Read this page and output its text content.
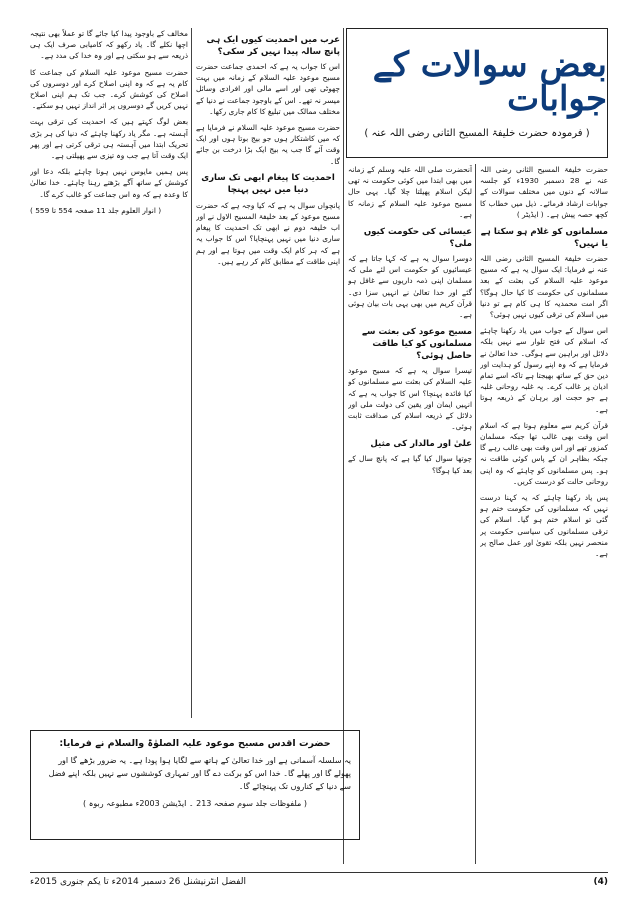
بعض سوالات کے جوابات
( فرمودہ حضرت خلیفۃ المسیح الثانی رضی اللہ عنہ )

حضرت خلیفۃ المسیح الثانی رضی اللہ عنہ نے 28 دسمبر 1930ء کو جلسہ سالانہ کے دنوں میں مختلف سوالات کے جوابات ارشاد فرمائے۔ ذیل میں خطاب کا کچھ حصہ پیش ہے۔ ( ایڈیٹر )

مسلمانوں کو غلام ہو سکتا ہے یا نہیں؟

حضرت خلیفۃ المسیح الثانی رضی اللہ عنہ نے فرمایا: ایک سوال یہ ہے کہ مسیح موعود علیہ السلام کی بعثت کے بعد مسلمانوں کی حکومت کا کیا حال ہوگا؟ اگر امت محمدیہ کا ہی کام ہے تو دنیا میں اسلام کی ترقی کیوں نہیں ہوئی؟

اس سوال کے جواب میں یاد رکھنا چاہئے کہ اسلام کی فتح تلوار سے نہیں بلکہ دلائل اور براہین سے ہوگی۔ خدا تعالیٰ نے فرمایا ہے کہ وہ اپنے رسول کو ہدایت اور دین حق کے ساتھ بھیجتا ہے تاکہ اسے تمام ادیان پر غالب کرے۔ یہ غلبہ روحانی غلبہ ہے جو حجت اور برہان کے ذریعہ ہوتا ہے۔

قرآن کریم سے معلوم ہوتا ہے کہ اسلام اس وقت بھی غالب تھا جبکہ مسلمان کمزور تھے اور اس وقت بھی غالب رہے گا جبکہ بظاہر ان کے پاس کوئی طاقت نہ ہو۔ پس مسلمانوں کو چاہئے کہ وہ اپنی روحانی حالت کو درست کریں۔

پس یاد رکھنا چاہئے کہ یہ کہنا درست نہیں کہ مسلمانوں کی حکومت ختم ہو گئی تو اسلام ختم ہو گیا۔ اسلام کی ترقی مسلمانوں کی سیاسی حکومت پر منحصر نہیں بلکہ تقویٰ اور عمل صالح پر ہے۔

آنحضرت صلی اللہ علیہ وسلم کے زمانہ میں بھی ابتدا میں کوئی حکومت نہ تھی لیکن اسلام پھیلتا چلا گیا۔ یہی حال مسیح موعود علیہ السلام کے زمانہ کا ہے۔

عیسائی کی حکومت کیوں ملی؟

دوسرا سوال یہ ہے کہ کہا جاتا ہے کہ عیسائیوں کو حکومت اس لئے ملی کہ مسلمان اپنی ذمہ داریوں سے غافل ہو گئے اور خدا تعالیٰ نے انہیں سزا دی۔ قرآن کریم میں بھی یہی بات بیان ہوئی ہے۔

مسیح موعود کی بعثت سے مسلمانوں کو کیا طاقت حاصل ہوئی؟

تیسرا سوال یہ ہے کہ مسیح موعود علیہ السلام کی بعثت سے مسلمانوں کو کیا فائدہ پہنچا؟ اس کا جواب یہ ہے کہ انہیں ایمان اور یقین کی دولت ملی اور دلائل کے ذریعہ اسلام کی صداقت ثابت ہوئی۔

علیٰ اور مالدار کی مثیل

چوتھا سوال کیا گیا ہے کہ پانچ سال کے بعد کیا ہوگا؟

عرب میں احمدیت کیوں ایک ہی پانچ سالہ پیدا نہیں کر سکی؟

اس کا جواب یہ ہے کہ احمدی جماعت حضرت مسیح موعود علیہ السلام کے زمانہ میں بہت چھوٹی تھی اور اسے مالی اور افرادی وسائل میسر نہ تھے۔ اس کے باوجود جماعت نے دنیا کے مختلف ممالک میں تبلیغ کا کام جاری رکھا۔

حضرت مسیح موعود علیہ السلام نے فرمایا ہے کہ میں کاشتکار ہوں جو بیج بوتا ہوں اور ایک وقت آئے گا جب یہ بیج ایک بڑا درخت بن جائے گا۔

احمدیت کا پیغام ابھی تک ساری دنیا میں نہیں پہنچا

پانچواں سوال یہ ہے کہ کیا وجہ ہے کہ حضرت مسیح موعود کے بعد خلیفۃ المسیح الاول نے اور اب خلیفہ دوم نے ابھی تک احمدیت کا پیغام ساری دنیا میں نہیں پہنچایا؟ اس کا جواب یہ ہے کہ ہر کام ایک وقت میں ہوتا ہے اور ہم اپنی طاقت کے مطابق کام کر رہے ہیں۔

مخالف کے باوجود پیدا کیا جائے گا تو عملاً بھی نتیجہ اچھا نکلے گا۔ یاد رکھو کہ کامیابی صرف ایک ہی ذریعہ سے ہو سکتی ہے اور وہ خدا کی مدد ہے۔

حضرت مسیح موعود علیہ السلام کی جماعت کا کام یہ ہے کہ وہ اپنی اصلاح کرے اور دوسروں کی اصلاح کی کوشش کرے۔ جب تک ہم اپنی اصلاح نہیں کریں گے دوسروں پر اثر انداز نہیں ہو سکتے۔

بعض لوگ کہتے ہیں کہ احمدیت کی ترقی بہت آہستہ ہے۔ مگر یاد رکھنا چاہئے کہ دنیا کی ہر بڑی تحریک ابتدا میں آہستہ ہی ترقی کرتی ہے اور پھر ایک وقت آتا ہے جب وہ تیزی سے پھیلتی ہے۔

پس ہمیں مایوس نہیں ہونا چاہئے بلکہ دعا اور کوشش کے ساتھ آگے بڑھتے رہنا چاہئے۔ خدا تعالیٰ کا وعدہ ہے کہ وہ اس جماعت کو غالب کرے گا۔

( انوار العلوم جلد 11 صفحہ 554 تا 559 )
حضرت اقدس مسیح موعود علیہ الصلوٰۃ والسلام نے فرمایا:
یہ سلسلہ آسمانی ہے اور خدا تعالیٰ کے ہاتھ سے لگایا ہوا پودا ہے۔ یہ ضرور بڑھے گا اور پھولے گا اور پھلے گا۔ خدا اس کو برکت دے گا اور تمہاری کوششوں سے نہیں بلکہ اپنے فضل سے دنیا کے کناروں تک پہنچائے گا۔
( ملفوظات جلد سوم صفحہ 213 ۔ ایڈیشن 2003ء مطبوعہ ربوہ )
الفضل انٹرنیشنل 26 دسمبر 2014ء تا یکم جنوری 2015ء	(4)
